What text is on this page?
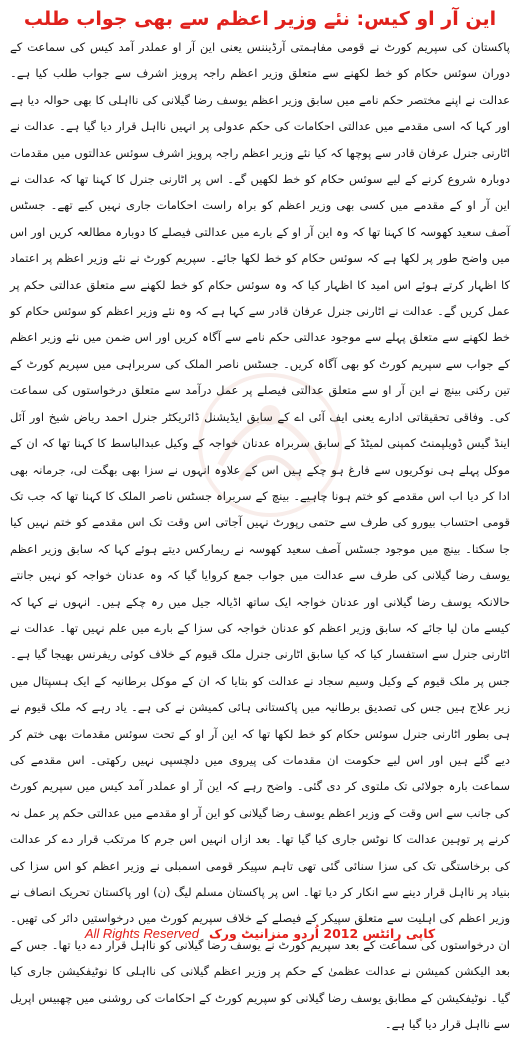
این آر او کیس: نئے وزیر اعظم سے بھی جواب طلب

پاکستان کی سپریم کورٹ نے قومی مفاہمتی آرڈیننس یعنی این آر او عملدر آمد کیس کی سماعت کے دوران سوئس حکام کو خط لکھنے سے متعلق وزیر اعظم راجہ پرویز اشرف سے جواب طلب کیا ہے۔ عدالت نے اپنے مختصر حکم نامے میں سابق وزیر اعظم یوسف رضا گیلانی کی نااہلی کا بھی حوالہ دیا ہے اور کہا کہ اسی مقدمے میں عدالتی احکامات کی حکم عدولی پر انہیں نااہل قرار دیا گیا ہے۔ عدالت نے اٹارنی جنرل عرفان قادر سے پوچھا کہ کیا نئے وزیر اعظم راجہ پرویز اشرف سوئس عدالتوں میں مقدمات دوبارہ شروع کرنے کے لیے سوئس حکام کو خط لکھیں گے۔ اس پر اٹارنی جنرل کا کہنا تھا کہ عدالت نے این آر او کے مقدمے میں کسی بھی وزیر اعظم کو براہ راست احکامات جاری نہیں کیے تھے۔ جسٹس آصف سعید کھوسہ کا کہنا تھا کہ وہ این آر او کے بارے میں عدالتی فیصلے کا دوبارہ مطالعہ کریں اور اس میں واضح طور پر لکھا ہے کہ سوئس حکام کو خط لکھا جائے۔ سپریم کورٹ نے نئے وزیر اعظم پر اعتماد کا اظہار کرتے ہوئے اس امید کا اظہار کیا کہ وہ سوئس حکام کو خط لکھنے سے متعلق عدالتی حکم پر عمل کریں گے۔ عدالت نے اٹارنی جنرل عرفان قادر سے کہا ہے کہ وہ نئے وزیر اعظم کو سوئس حکام کو خط لکھنے سے متعلق پہلے سے موجود عدالتی حکم نامے سے آگاہ کریں اور اس ضمن میں نئے وزیر اعظم کے جواب سے سپریم کورٹ کو بھی آگاہ کریں۔ جسٹس ناصر الملک کی سربراہی میں سپریم کورٹ کے تین رکنی بینچ نے این آر او سے متعلق عدالتی فیصلے پر عمل درآمد سے متعلق درخواستوں کی سماعت کی۔ وفاقی تحقیقاتی ادارے یعنی ایف آئی اے کے سابق ایڈیشنل ڈائریکٹر جنرل احمد ریاض شیخ اور آئل اینڈ گیس ڈویلپمنٹ کمپنی لمیٹڈ کے سابق سربراہ عدنان خواجہ کے وکیل عبدالباسط کا کہنا تھا کہ ان کے موکل پہلے ہی نوکریوں سے فارغ ہو چکے ہیں اس کے علاوہ انہوں نے سزا بھی بھگت لی، جرمانہ بھی ادا کر دیا اب اس مقدمے کو ختم ہونا چاہیے۔ بینچ کے سربراہ جسٹس ناصر الملک کا کہنا تھا کہ جب تک قومی احتساب بیورو کی طرف سے حتمی رپورٹ نہیں آجاتی اس وقت تک اس مقدمے کو ختم نہیں کیا جا سکتا۔ بینچ میں موجود جسٹس آصف سعید کھوسہ نے ریمارکس دیتے ہوئے کہا کہ سابق وزیر اعظم یوسف رضا گیلانی کی طرف سے عدالت میں جواب جمع کروایا گیا کہ وہ عدنان خواجہ کو نہیں جانتے حالانکہ یوسف رضا گیلانی اور عدنان خواجہ ایک ساتھ اڈیالہ جیل میں رہ چکے ہیں۔ انہوں نے کہا کہ کیسے مان لیا جائے کہ سابق وزیر اعظم کو عدنان خواجہ کی سزا کے بارے میں علم نہیں تھا۔ عدالت نے اٹارنی جنرل سے استفسار کیا کہ کیا سابق اٹارنی جنرل ملک قیوم کے خلاف کوئی ریفرنس بھیجا گیا ہے۔ جس پر ملک قیوم کے وکیل وسیم سجاد نے عدالت کو بتایا کہ ان کے موکل برطانیہ کے ایک ہسپتال میں زیر علاج ہیں جس کی تصدیق برطانیہ میں پاکستانی ہائی کمیشن نے کی ہے۔ یاد رہے کہ ملک قیوم نے ہی بطور اٹارنی جنرل سوئس حکام کو خط لکھا تھا کہ این آر او کے تحت سوئس مقدمات بھی ختم کر دیے گئے ہیں اور اس لیے حکومت ان مقدمات کی پیروی میں دلچسپی نہیں رکھتی۔ اس مقدمے کی سماعت بارہ جولائی تک ملتوی کر دی گئی۔ واضح رہے کہ این آر او عملدر آمد کیس میں سپریم کورٹ کی جانب سے اس وقت کے وزیر اعظم یوسف رضا گیلانی کو این آر او مقدمے میں عدالتی حکم پر عمل نہ کرنے پر توہین عدالت کا نوٹس جاری کیا گیا تھا۔ بعد ازاں انہیں اس جرم کا مرتکب قرار دے کر عدالت کی برخاستگی تک کی سزا سنائی گئی تھی تاہم سپیکر قومی اسمبلی نے وزیر اعظم کو اس سزا کی بنیاد پر نااہل قرار دینے سے انکار کر دیا تھا۔ اس پر پاکستان مسلم لیگ (ن) اور پاکستان تحریک انصاف نے وزیر اعظم کی اہلیت سے متعلق سپیکر کے فیصلے کے خلاف سپریم کورٹ میں درخواستیں دائر کی تھیں۔ ان درخواستوں کی سماعت کے بعد سپریم کورٹ نے یوسف رضا گیلانی کو نااہل قرار دے دیا تھا۔ جس کے بعد الیکشن کمیشن نے عدالت عظمیٰ کے حکم پر وزیر اعظم گیلانی کی نااہلی کا نوٹیفکیشن جاری کیا گیا۔ نوٹیفکیشن کے مطابق یوسف رضا گیلانی کو سپریم کورٹ کے احکامات کی روشنی میں چھبیس اپریل سے نااہل قرار دیا گیا ہے۔

All Rights Reserved کاپی رائٹس 2012 اُردو منزانیٹ ورک
